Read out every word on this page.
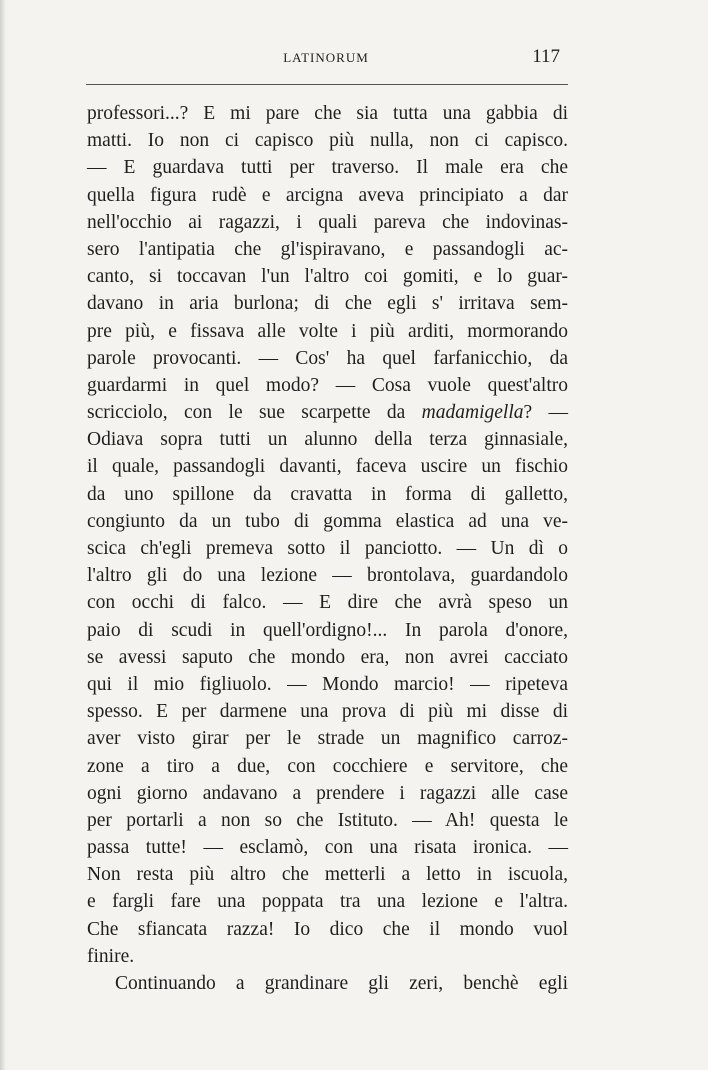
LATINORUM	117
professori...? E mi pare che sia tutta una gabbia di
matti. Io non ci capisco più nulla, non ci capisco.
— E guardava tutti per traverso. Il male era che
quella figura rudè e arcigna aveva principiato a dar
nell'occhio ai ragazzi, i quali pareva che indovinas-
sero l'antipatia che gl'ispiravano, e passandogli ac-
canto, si toccavan l'un l'altro coi gomiti, e lo guar-
davano in aria burlona; di che egli s' irritava sem-
pre più, e fissava alle volte i più arditi, mormorando
parole provocanti. — Cos' ha quel farfanicchio, da
guardarmi in quel modo? — Cosa vuole quest'altro
scricciolo, con le sue scarpette da madamigella? —
Odiava sopra tutti un alunno della terza ginnasiale,
il quale, passandogli davanti, faceva uscire un fischio
da uno spillone da cravatta in forma di galletto,
congiunto da un tubo di gomma elastica ad una ve-
scica ch'egli premeva sotto il panciotto. — Un dì o
l'altro gli do una lezione — brontolava, guardandolo
con occhi di falco. — E dire che avrà speso un
paio di scudi in quell'ordigno!... In parola d'onore,
se avessi saputo che mondo era, non avrei cacciato
qui il mio figliuolo. — Mondo marcio! — ripeteva
spesso. E per darmene una prova di più mi disse di
aver visto girar per le strade un magnifico carroz-
zone a tiro a due, con cocchiere e servitore, che
ogni giorno andavano a prendere i ragazzi alle case
per portarli a non so che Istituto. — Ah! questa le
passa tutte! — esclamò, con una risata ironica. —
Non resta più altro che metterli a letto in iscuola,
e fargli fare una poppata tra una lezione e l'altra.
Che sfiancata razza! Io dico che il mondo vuol
finire.
Continuando a grandinare gli zeri, benchè egli
